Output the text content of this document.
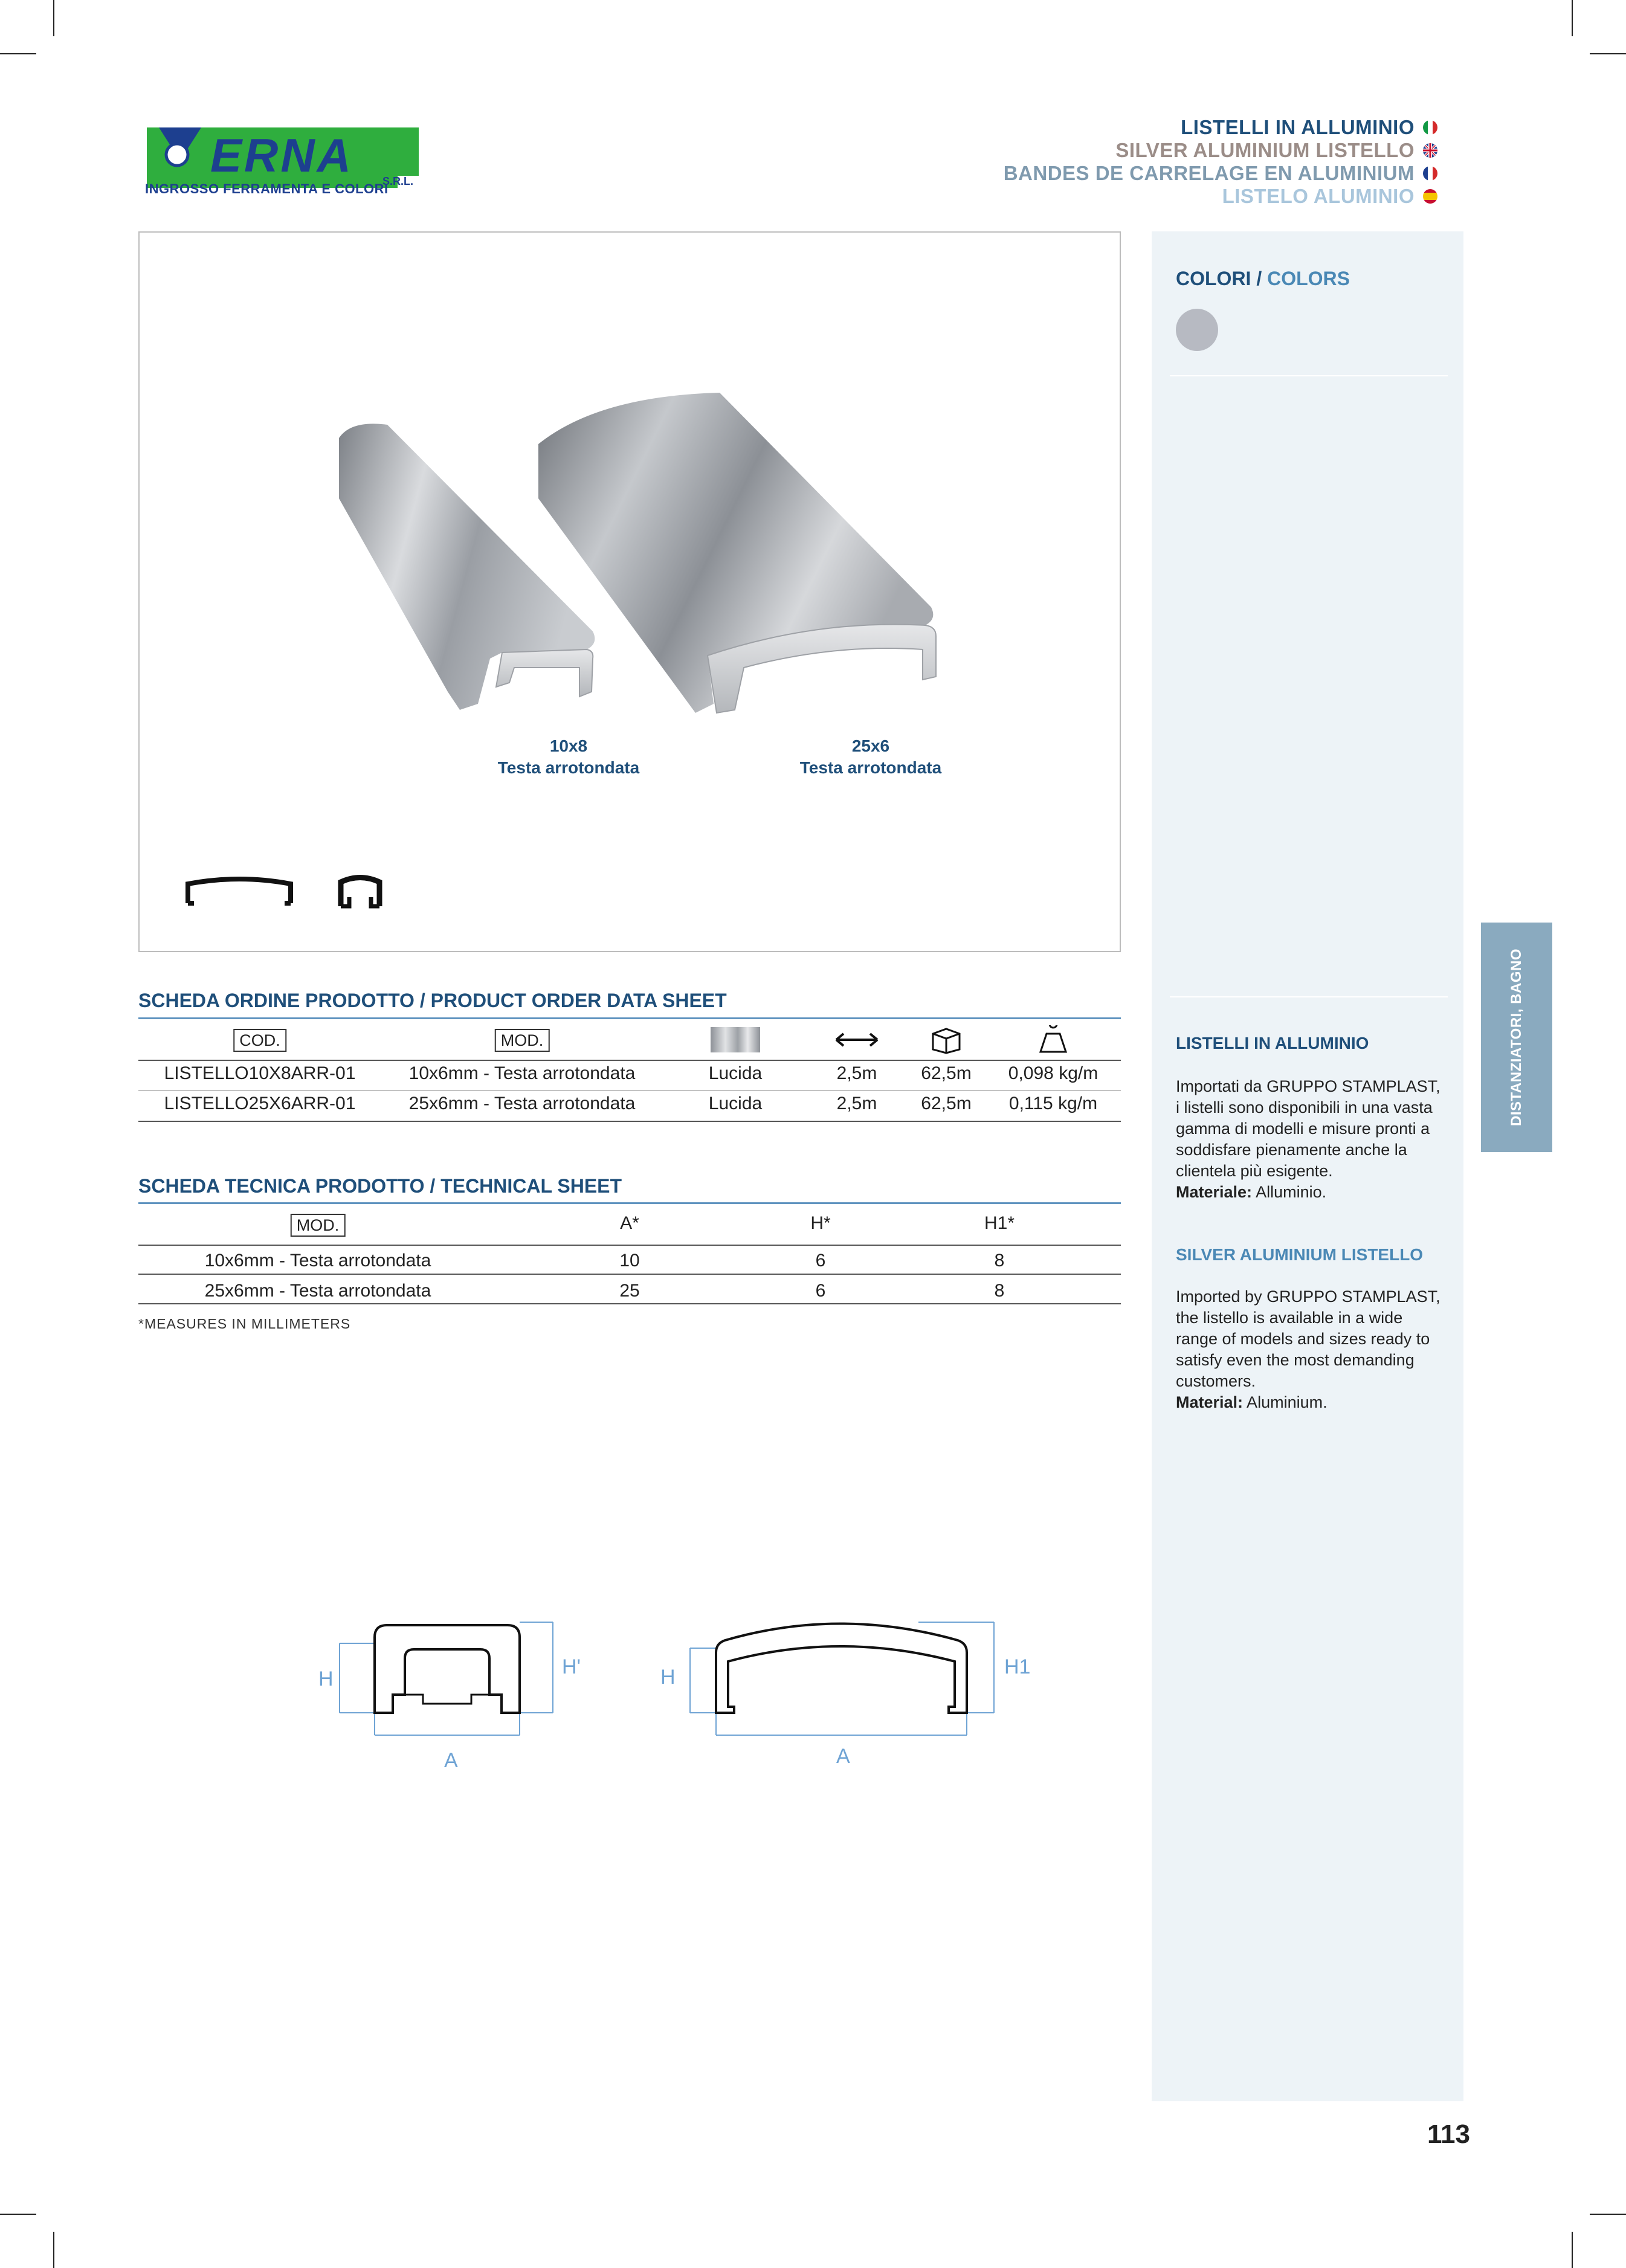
ERNA	S.R.L.
INGROSSO FERRAMENTA E COLORI
LISTELLI IN ALLUMINIO
SILVER ALUMINIUM LISTELLO
BANDES DE CARRELAGE EN ALUMINIUM
LISTELO ALUMINIO
10x8
Testa arrotondata
25x6
Testa arrotondata
SCHEDA ORDINE PRODOTTO / PRODUCT ORDER DATA SHEET
COD.	MOD.
LISTELLO10X8ARR-01	10x6mm - Testa arrotondata	Lucida	2,5m 62,5m 0,098 kg/m
LISTELLO25X6ARR-01	25x6mm - Testa arrotondata	Lucida	2,5m 62,5m 0,115 kg/m
SCHEDA TECNICA PRODOTTO / TECHNICAL SHEET
MOD.	A*	H*	H1*
10x6mm - Testa arrotondata	10	6	8
25x6mm - Testa arrotondata	25	6	8
*MEASURES IN MILLIMETERS
H
H'
A
H	H1
A
COLORI / COLORS
LISTELLI IN ALLUMINIO
Importati da GRUPPO STAMPLAST, i listelli sono disponibili in una vasta gamma di modelli e misure pronti a soddisfare pienamente anche la clientela più esigente.
Materiale: Alluminio.
SILVER ALUMINIUM LISTELLO
Imported by GRUPPO STAMPLAST, the listello is available in a wide range of models and sizes ready to satisfy even the most demanding customers.
Material: Aluminium.
DISTANZIATORI, BAGNO
113
